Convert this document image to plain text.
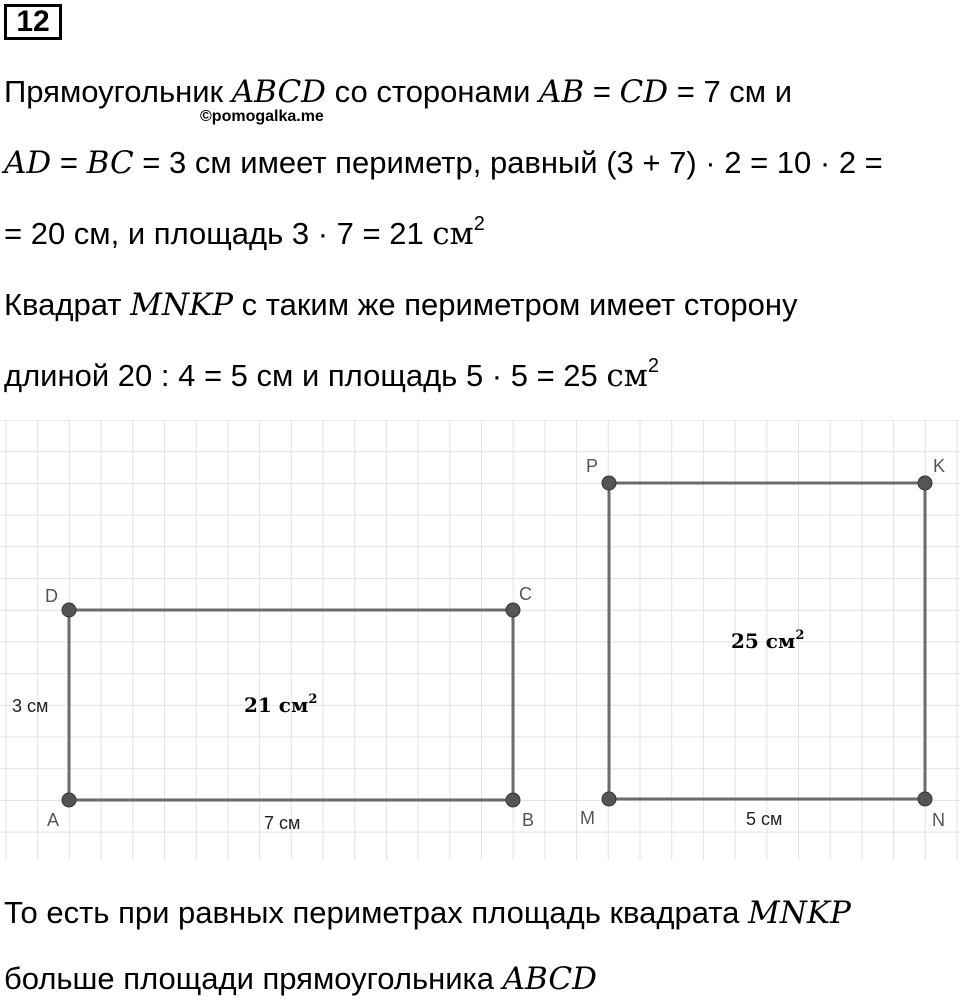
12
Прямоугольник ABCD со сторонами AB = CD = 7 см и
©pomogalka.me
AD = BC = 3 см имеет периметр, равный (3 + 7) · 2 = 10 · 2 =
= 20 см, и площадь 3 · 7 = 21 $см^2$
Квадрат MNKP с таким же периметром имеет сторону
длиной 20 : 4 = 5 см и площадь 5 · 5 = 25 $см^2$
A	B
C
D
3 см
7 см
21 $см^2$
M	N
K
P
5 см
25 $см^2$
То есть при равных периметрах площадь квадрата MNKP
больше площади прямоугольника ABCD
